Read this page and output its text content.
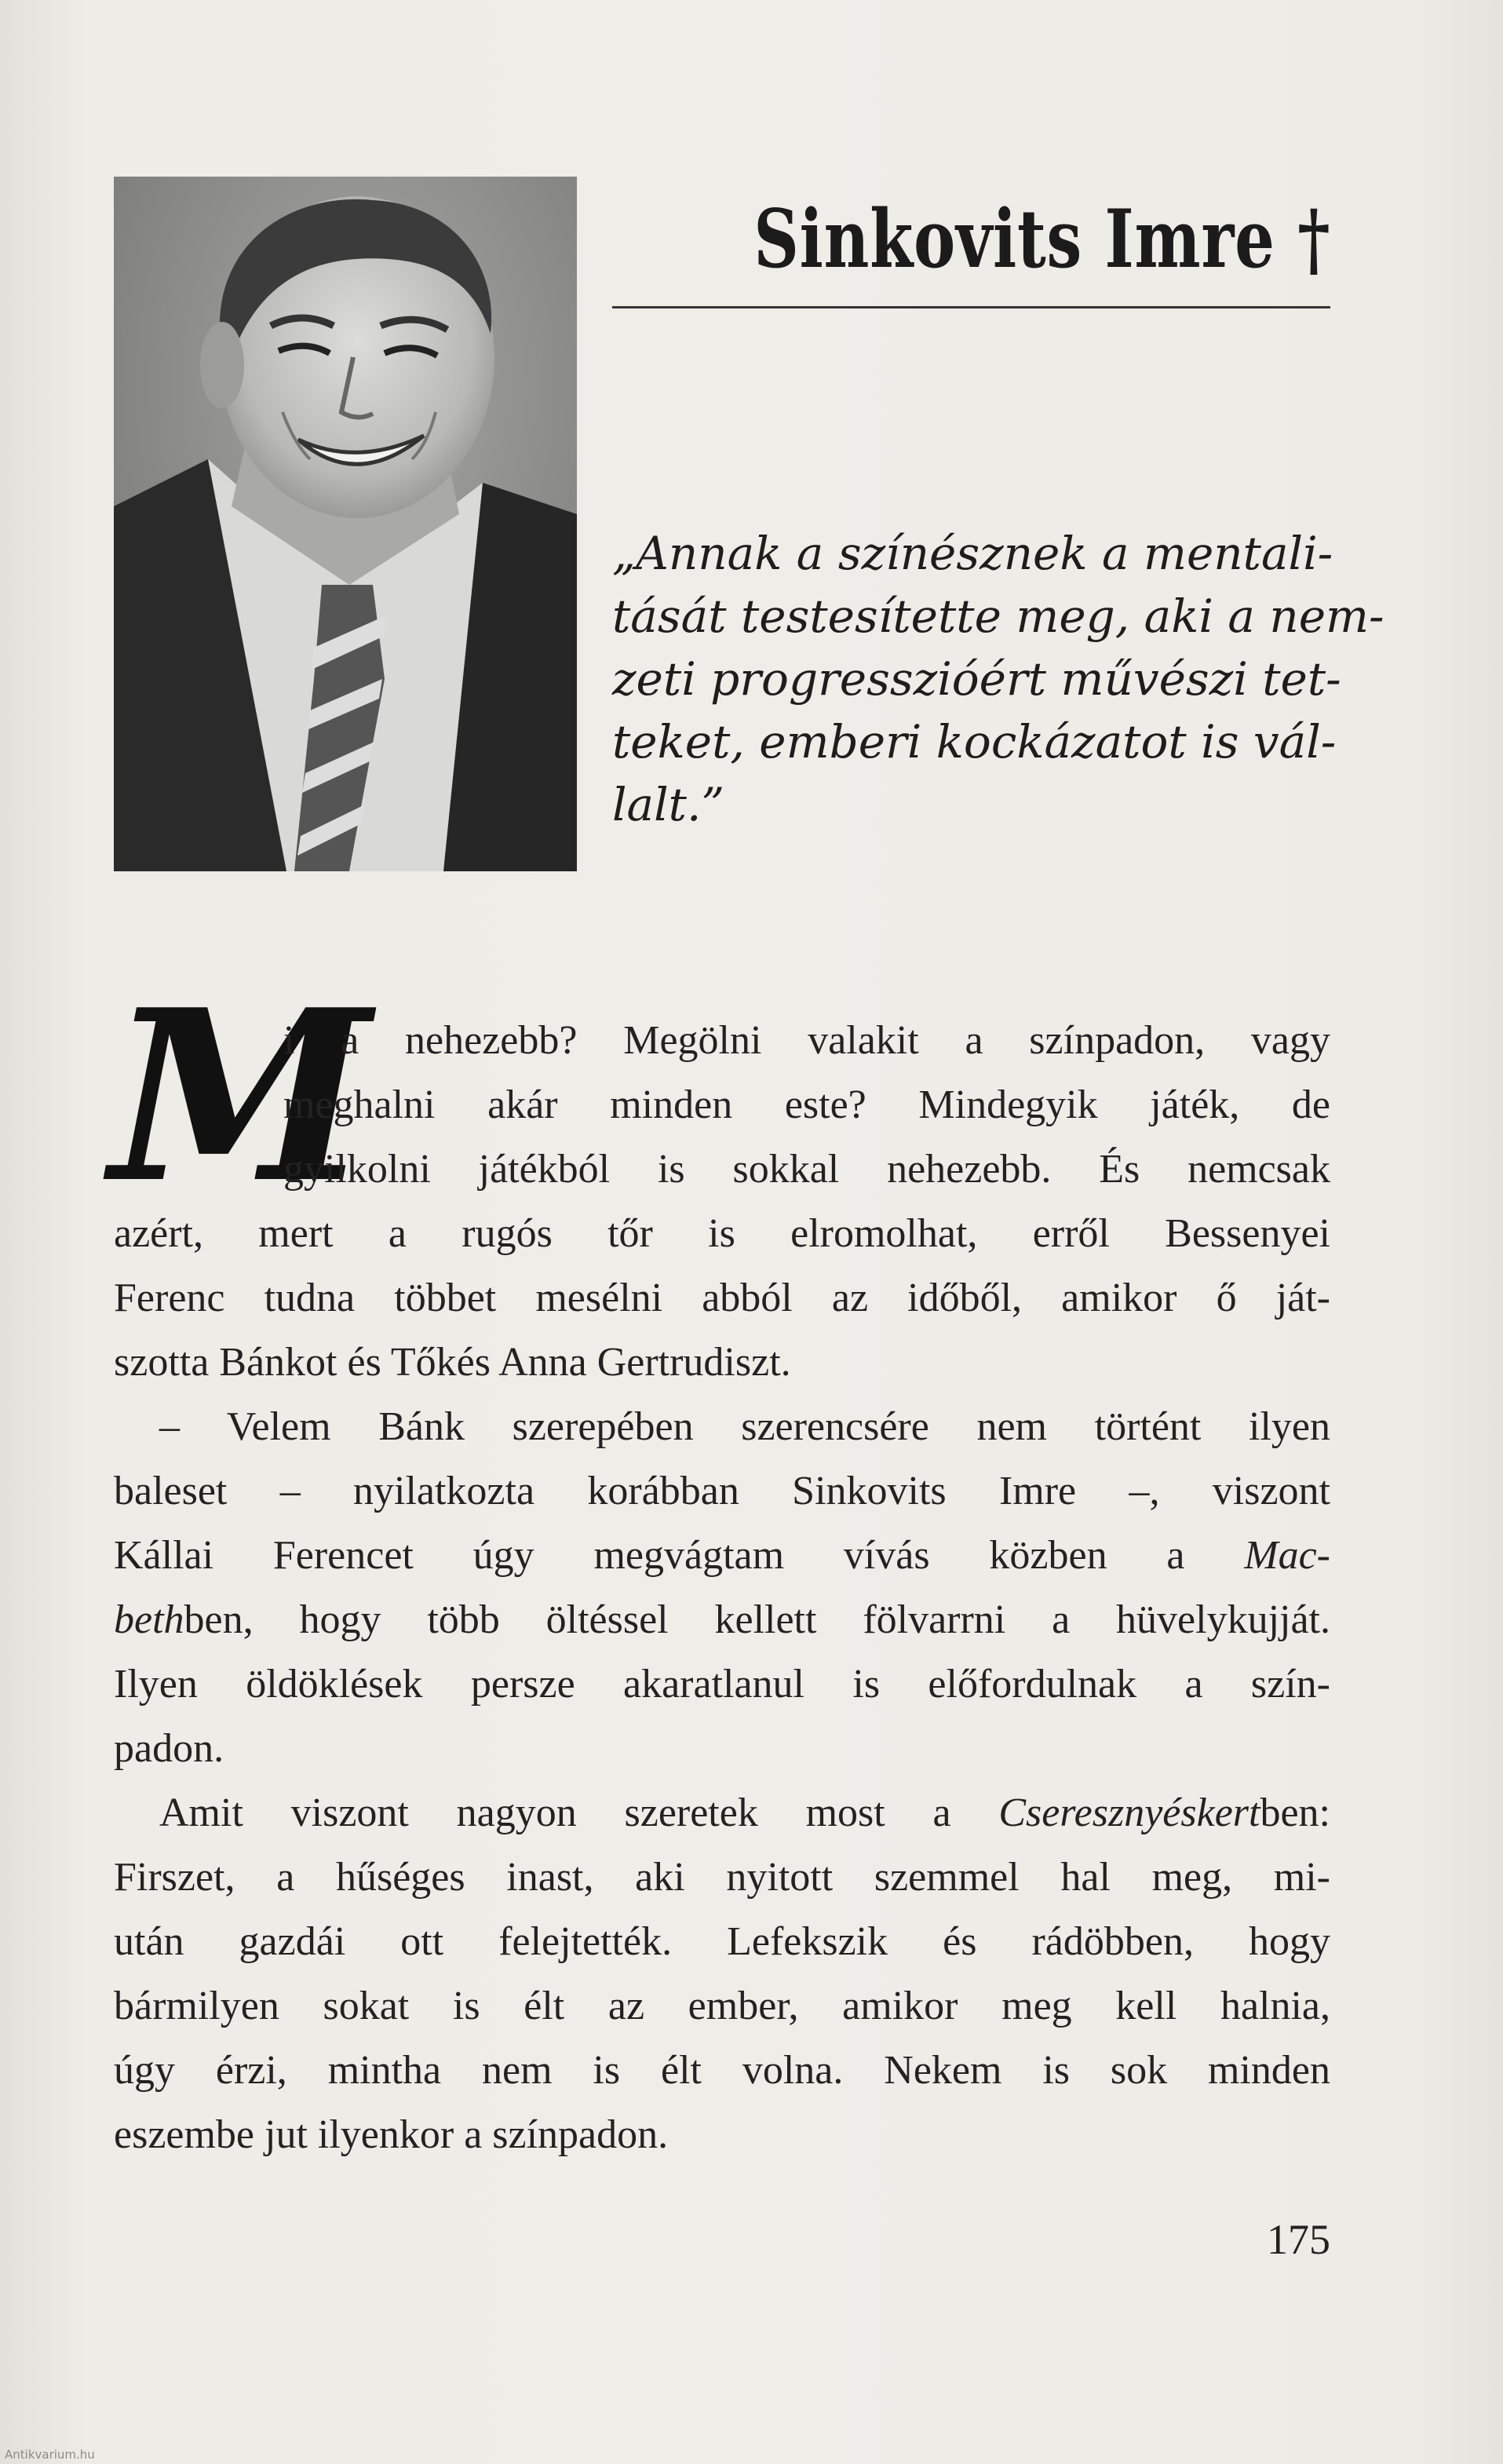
Sinkovits Imre †
„Annak a színésznek a mentali-
tását testesítette meg, aki a nem-
zeti progresszióért művészi tet-
teket, emberi kockázatot is vál-
lalt.”
M
i a nehezebb? Megölni valakit a színpadon, vagy
meghalni akár minden este? Mindegyik játék, de
gyilkolni játékból is sokkal nehezebb. És nemcsak
azért, mert a rugós tőr is elromolhat, erről Bessenyei
Ferenc tudna többet mesélni abból az időből, amikor ő ját-
szotta Bánkot és Tőkés Anna Gertrudiszt.
– Velem Bánk szerepében szerencsére nem történt ilyen
baleset – nyilatkozta korábban Sinkovits Imre –, viszont
Kállai Ferencet úgy megvágtam vívás közben a Mac-
bethben, hogy több öltéssel kellett fölvarrni a hüvelykujját.
Ilyen öldöklések persze akaratlanul is előfordulnak a szín-
padon.
Amit viszont nagyon szeretek most a Cseresznyéskertben:
Firszet, a hűséges inast, aki nyitott szemmel hal meg, mi-
után gazdái ott felejtették. Lefekszik és rádöbben, hogy
bármilyen sokat is élt az ember, amikor meg kell halnia,
úgy érzi, mintha nem is élt volna. Nekem is sok minden
eszembe jut ilyenkor a színpadon.
175
Antikvarium.hu
